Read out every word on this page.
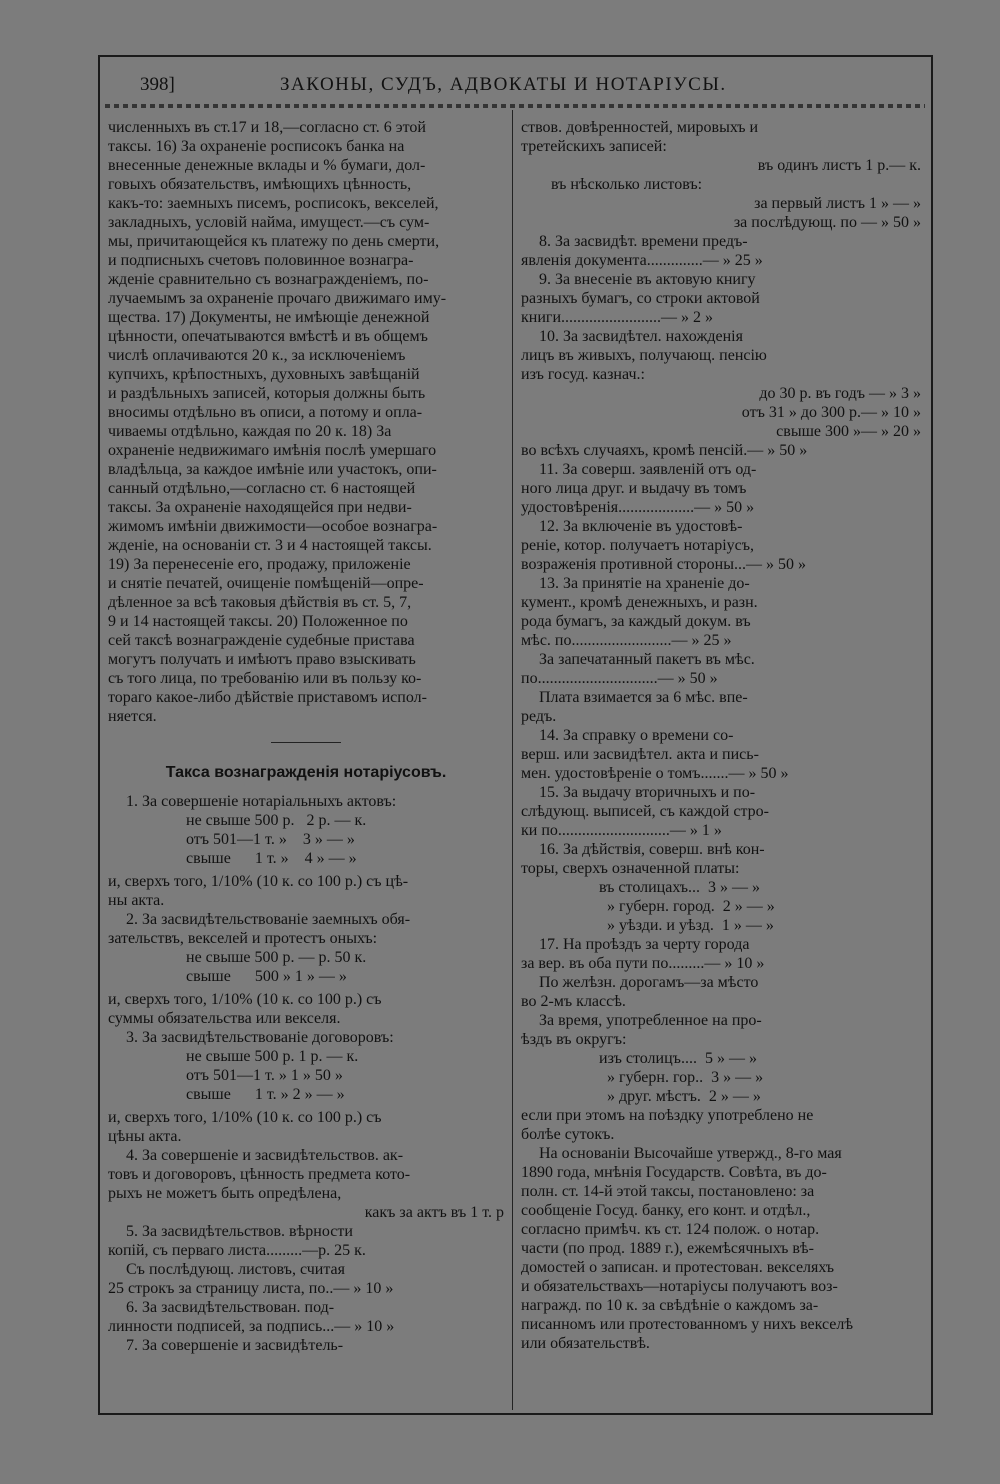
398]	ЗАКОНЫ, СУДЪ, АДВОКАТЫ И НОТАРІУСЫ.

численныхъ въ ст.17 и 18,—согласно ст. 6 этой

таксы. 16) За охраненіе росписокъ банка на

внесенные денежные вклады и % бумаги, дол-

говыхъ обязательствъ, имѣющихъ цѣнность,

какъ-то: заемныхъ писемъ, росписокъ, векселей,

закладныхъ, условій найма, имущест.—съ сум-

мы, причитающейся къ платежу по день смерти,

и подписныхъ счетовъ половинное вознагра-

жденіе сравнительно съ вознагражденіемъ, по-

лучаемымъ за охраненіе прочаго движимаго иму-

щества. 17) Документы, не имѣющіе денежной

цѣнности, опечатываются вмѣстѣ и въ общемъ

числѣ оплачиваются 20 к., за исключеніемъ

купчихъ, крѣпостныхъ, духовныхъ завѣщаній

и раздѣльныхъ записей, которыя должны быть

вносимы отдѣльно въ описи, а потому и опла-

чиваемы отдѣльно, каждая по 20 к. 18) За

охраненіе недвижимаго имѣнія послѣ умершаго

владѣльца, за каждое имѣніе или участокъ, опи-

санный отдѣльно,—согласно ст. 6 настоящей

таксы. За охраненіе находящейся при недви-

жимомъ имѣніи движимости—особое вознагра-

жденіе, на основаніи ст. 3 и 4 настоящей таксы.

19) За перенесеніе его, продажу, приложеніе

и снятіе печатей, очищеніе помѣщеній—опре-

дѣленное за всѣ таковыя дѣйствія въ ст. 5, 7,

9 и 14 настоящей таксы. 20) Положенное по

сей таксѣ вознагражденіе судебные пристава

могутъ получать и имѣютъ право взыскивать

съ того лица, по требованію или въ пользу ко-

тораго какое-либо дѣйствіе приставомъ испол-

няется.

Такса вознагражденія нотаріусовъ.

1. За совершеніе нотаріальныхъ актовъ:

не свыше 500 р.   2 р. — к.

отъ 501—1 т. »    3 » — »

свыше      1 т. »    4 » — »

и, сверхъ того, 1/10% (10 к. со 100 р.) съ цѣ-

ны акта.

2. За засвидѣтельствованіе заемныхъ обя-

зательствъ, векселей и протестъ оныхъ:

не свыше 500 р. — р. 50 к.

свыше      500 » 1 » — »

и, сверхъ того, 1/10% (10 к. со 100 р.) съ

суммы обязательства или векселя.

3. За засвидѣтельствованіе договоровъ:

не свыше 500 р. 1 р. — к.

отъ 501—1 т. » 1 » 50 »

свыше      1 т. » 2 » — »

и, сверхъ того, 1/10% (10 к. со 100 р.) съ

цѣны акта.

4. За совершеніе и засвидѣтельствов. ак-

товъ и договоровъ, цѣнность предмета кото-

рыхъ не можетъ быть опредѣлена,

какъ за актъ въ 1 т. р

5. За засвидѣтельствов. вѣрности

копій, съ перваго листа.........—р. 25 к.

Съ послѣдующ. листовъ, считая

25 строкъ за страницу листа, по..— » 10 »

6. За засвидѣтельствован. под-

линности подписей, за подпись...— » 10 »

7. За совершеніе и засвидѣтель-

ствов. довѣренностей, мировыхъ и

третейскихъ записей:

въ одинъ листъ 1 р.— к.

въ нѣсколько листовъ:

за первый листъ 1 » — »

за послѣдующ. по — » 50 »

8. За засвидѣт. времени предъ-

явленія документа..............— » 25 »

9. За внесеніе въ актовую книгу

разныхъ бумагъ, со строки актовой

книги.........................— » 2 »

10. За засвидѣтел. нахожденія

лицъ въ живыхъ, получающ. пенсію

изъ госуд. казнач.:

до 30 р. въ годъ — » 3 »

отъ 31 » до 300 р.— » 10 »

свыше 300 »— » 20 »

во всѣхъ случаяхъ, кромѣ пенсій.— » 50 »

11. За соверш. заявленій отъ од-

ного лица друг. и выдачу въ томъ

удостовѣренія...................— » 50 »

12. За включеніе въ удостовѣ-

реніе, котор. получаетъ нотаріусъ,

возраженія противной стороны...— » 50 »

13. За принятіе на храненіе до-

кумент., кромѣ денежныхъ, и разн.

рода бумагъ, за каждый докум. въ

мѣс. по.........................— » 25 »

За запечатанный пакетъ въ мѣс.

по..............................— » 50 »

Плата взимается за 6 мѣс. впе-

редъ.

14. За справку о времени со-

верш. или засвидѣтел. акта и пись-

мен. удостовѣреніе о томъ.......— » 50 »

15. За выдачу вторичныхъ и по-

слѣдующ. выписей, съ каждой стро-

ки по............................— » 1 »

16. За дѣйствія, соверш. внѣ кон-

торы, сверхъ означенной платы:

въ столицахъ...  3 » — »

» губерн. город.  2 » — »

» уѣзди. и уѣзд.  1 » — »

17. На проѣздъ за черту города

за вер. въ оба пути по.........— » 10 »

По желѣзн. дорогамъ—за мѣсто

во 2-мъ классѣ.

За время, употребленное на про-

ѣздъ въ округъ:

изъ столицъ....  5 » — »

» губерн. гор..  3 » — »

» друг. мѣстъ.  2 » — »

если при этомъ на поѣздку употреблено не

болѣе сутокъ.

На основаніи Высочайше утвержд., 8-го мая

1890 года, мнѣнія Государств. Совѣта, въ до-

полн. ст. 14-й этой таксы, постановлено: за

сообщеніе Госуд. банку, его конт. и отдѣл.,

согласно примѣч. къ ст. 124 полож. о нотар.

части (по прод. 1889 г.), ежемѣсячныхъ вѣ-

домостей о записан. и протестован. векселяхъ

и обязательствахъ—нотаріусы получаютъ воз-

награжд. по 10 к. за свѣдѣніе о каждомъ за-

писанномъ или протестованномъ у нихъ векселѣ

или обязательствѣ.
